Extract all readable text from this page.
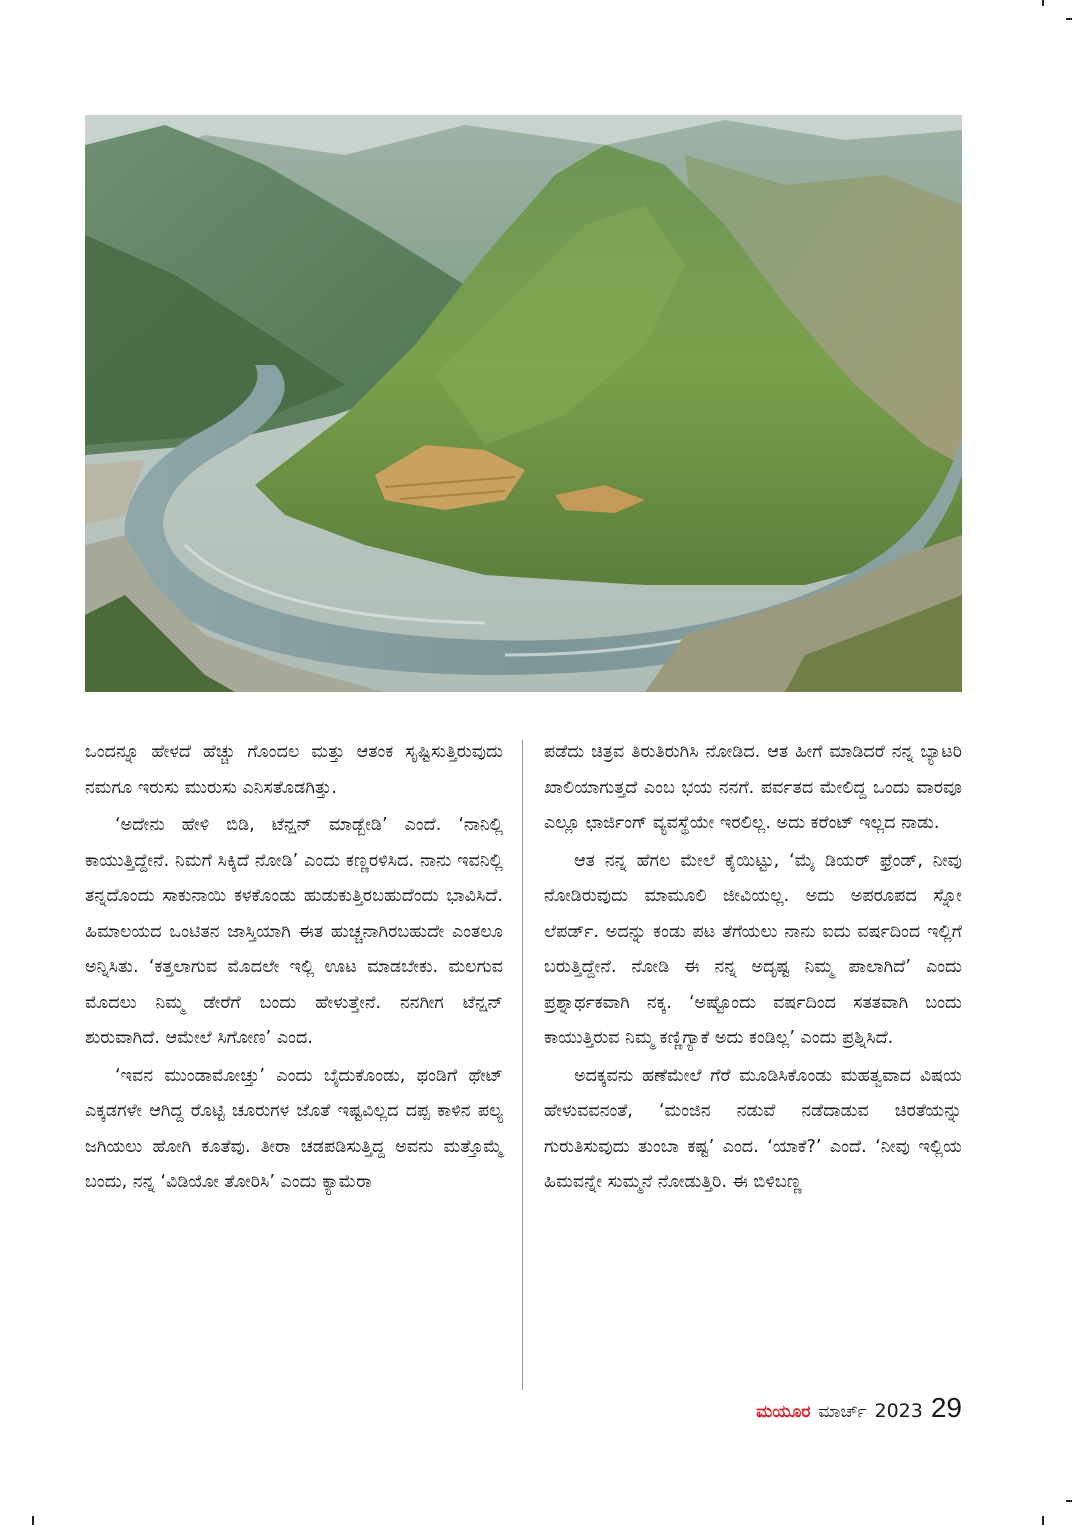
ಒಂದನ್ನೂ ಹೇಳದೆ ಹೆಚ್ಚು ಗೊಂದಲ ಮತ್ತು ಆತಂಕ ಸೃಷ್ಟಿಸುತ್ತಿರುವುದು ನಮಗೂ ಇರುಸು ಮುರುಸು ಎನಿಸತೊಡಗಿತ್ತು.

‘ಅದೇನು ಹೇಳಿ ಬಿಡಿ, ಟೆನ್ಷನ್ ಮಾಡ್ಬೇಡಿ’ ಎಂದೆ. ‘ನಾನಿಲ್ಲಿ ಕಾಯುತ್ತಿದ್ದೇನೆ. ನಿಮಗೆ ಸಿಕ್ಕಿದೆ ನೋಡಿ’ ಎಂದು ಕಣ್ಣರಳಿಸಿದ. ನಾನು ಇವನಿಲ್ಲಿ ತನ್ನದೊಂದು ಸಾಕುನಾಯಿ ಕಳಕೊಂಡು ಹುಡುಕುತ್ತಿರಬಹುದೆಂದು ಭಾವಿಸಿದೆ. ಹಿಮಾಲಯದ ಒಂಟಿತನ ಜಾಸ್ತಿಯಾಗಿ ಈತ ಹುಚ್ಚನಾಗಿರಬಹುದೇ ಎಂತಲೂ ಅನ್ನಿಸಿತು. ‘ಕತ್ತಲಾಗುವ ಮೊದಲೇ ಇಲ್ಲಿ ಊಟ ಮಾಡಬೇಕು. ಮಲಗುವ ಮೊದಲು ನಿಮ್ಮ ಡೇರೆಗೆ ಬಂದು ಹೇಳುತ್ತೇನೆ. ನನಗೀಗ ಟೆನ್ಷನ್ ಶುರುವಾಗಿದೆ. ಆಮೇಲೆ ಸಿಗೋಣ’ ಎಂದ.

‘ಇವನ ಮುಂಡಾಮೋಚ್ತು’ ಎಂದು ಬೈದುಕೊಂಡು, ಥಂಡಿಗೆ ಥೇಟ್ ಎಕ್ಕಡಗಳೇ ಆಗಿದ್ದ ರೊಟ್ಟಿ ಚೂರುಗಳ ಜೊತೆ ಇಷ್ಟವಿಲ್ಲದ ದಪ್ಪ ಕಾಳಿನ ಪಲ್ಯ ಜಗಿಯಲು ಹೋಗಿ ಕೂತೆವು. ತೀರಾ ಚಡಪಡಿಸುತ್ತಿದ್ದ ಅವನು ಮತ್ತೊಮ್ಮೆ ಬಂದು, ನನ್ನ ‘ವಿಡಿಯೋ ತೋರಿಸಿ’ ಎಂದು ಕ್ಯಾಮೆರಾ

ಪಡೆದು ಚಿತ್ರವ ತಿರುತಿರುಗಿಸಿ ನೋಡಿದ. ಆತ ಹೀಗೆ ಮಾಡಿದರೆ ನನ್ನ ಬ್ಯಾಟರಿ ಖಾಲಿಯಾಗುತ್ತದೆ ಎಂಬ ಭಯ ನನಗೆ. ಪರ್ವತದ ಮೇಲಿದ್ದ ಒಂದು ವಾರವೂ ಎಲ್ಲೂ ಛಾರ್ಜಿಂಗ್ ವ್ಯವಸ್ಥೆಯೇ ಇರಲಿಲ್ಲ. ಅದು ಕರೆಂಟ್ ಇಲ್ಲದ ನಾಡು.

ಆತ ನನ್ನ ಹೆಗಲ ಮೇಲೆ ಕೈಯಿಟ್ಟು, ‘ಮೈ ಡಿಯರ್ ಫ್ರೆಂಡ್, ನೀವು ನೋಡಿರುವುದು ಮಾಮೂಲಿ ಜೀವಿಯಲ್ಲ. ಅದು ಅಪರೂಪದ ಸ್ನೋ ಲೆಪರ್ಡ್. ಅದನ್ನು ಕಂಡು ಪಟ ತೆಗೆಯಲು ನಾನು ಐದು ವರ್ಷದಿಂದ ಇಲ್ಲಿಗೆ ಬರುತ್ತಿದ್ದೇನೆ. ನೋಡಿ ಈ ನನ್ನ ಅದೃಷ್ಟ ನಿಮ್ಮ ಪಾಲಾಗಿದೆ’ ಎಂದು ಪ್ರಶ್ನಾರ್ಥಕವಾಗಿ ನಕ್ಕ. ‘ಅಷ್ಟೊಂದು ವರ್ಷದಿಂದ ಸತತವಾಗಿ ಬಂದು ಕಾಯುತ್ತಿರುವ ನಿಮ್ಮ ಕಣ್ಣಿಗ್ಯಾಕೆ ಅದು ಕಂಡಿಲ್ಲ’ ಎಂದು ಪ್ರಶ್ನಿಸಿದೆ.

ಅದಕ್ಕವನು ಹಣೆಮೇಲೆ ಗೆರೆ ಮೂಡಿಸಿಕೊಂಡು ಮಹತ್ವವಾದ ವಿಷಯ ಹೇಳುವವನಂತೆ, ‘ಮಂಜಿನ ನಡುವೆ ನಡೆದಾಡುವ ಚಿರತೆಯನ್ನು ಗುರುತಿಸುವುದು ತುಂಬಾ ಕಷ್ಟ’ ಎಂದ. ‘ಯಾಕೆ?’ ಎಂದೆ. ‘ನೀವು ಇಲ್ಲಿಯ ಹಿಮವನ್ನೇ ಸುಮ್ಮನೆ ನೋಡುತ್ತಿರಿ. ಈ ಬಿಳಿಬಣ್ಣ

ಮಯೂರ ಮಾರ್ಚ್ 2023 29
